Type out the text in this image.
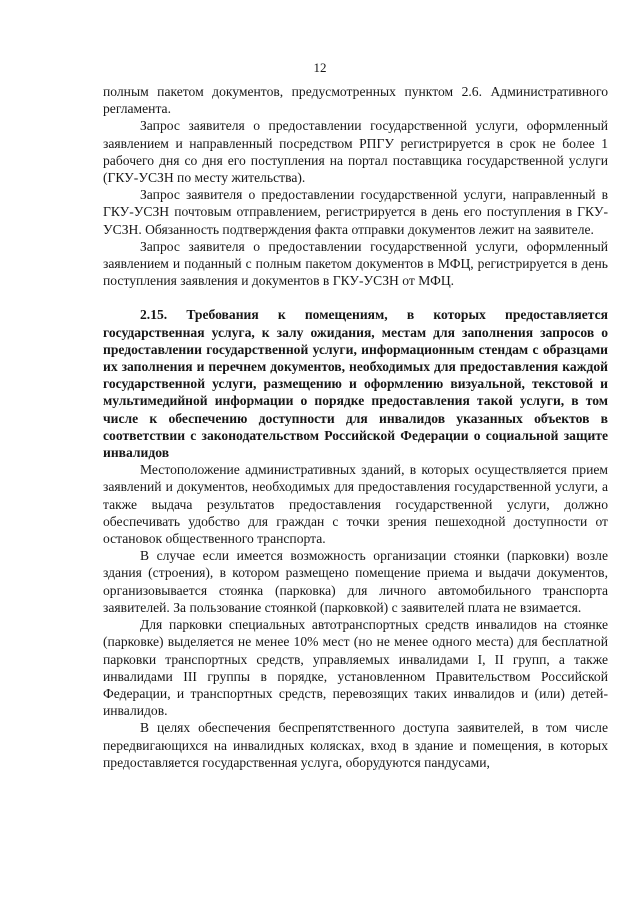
12

полным пакетом документов, предусмотренных пунктом 2.6. Административного регламента.

Запрос заявителя о предоставлении государственной услуги, оформленный заявлением и направленный посредством РПГУ регистрируется в срок не более 1 рабочего дня со дня его поступления на портал поставщика государственной услуги (ГКУ-УСЗН по месту жительства).

Запрос заявителя о предоставлении государственной услуги, направленный в ГКУ-УСЗН почтовым отправлением, регистрируется в день его поступления в ГКУ-УСЗН. Обязанность подтверждения факта отправки документов лежит на заявителе.

Запрос заявителя о предоставлении государственной услуги, оформленный заявлением и поданный с полным пакетом документов в МФЦ, регистрируется в день поступления заявления и документов в ГКУ-УСЗН от МФЦ.

2.15. Требования к помещениям, в которых предоставляется государственная услуга, к залу ожидания, местам для заполнения запросов о предоставлении государственной услуги, информационным стендам с образцами их заполнения и перечнем документов, необходимых для предоставления каждой государственной услуги, размещению и оформлению визуальной, текстовой и мультимедийной информации о порядке предоставления такой услуги, в том числе к обеспечению доступности для инвалидов указанных объектов в соответствии с законодательством Российской Федерации о социальной защите инвалидов

Местоположение административных зданий, в которых осуществляется прием заявлений и документов, необходимых для предоставления государственной услуги, а также выдача результатов предоставления государственной услуги, должно обеспечивать удобство для граждан с точки зрения пешеходной доступности от остановок общественного транспорта.

В случае если имеется возможность организации стоянки (парковки) возле здания (строения), в котором размещено помещение приема и выдачи документов, организовывается стоянка (парковка) для личного автомобильного транспорта заявителей. За пользование стоянкой (парковкой) с заявителей плата не взимается.

Для парковки специальных автотранспортных средств инвалидов на стоянке (парковке) выделяется не менее 10% мест (но не менее одного места) для бесплатной парковки транспортных средств, управляемых инвалидами I, II групп, а также инвалидами III группы в порядке, установленном Правительством Российской Федерации, и транспортных средств, перевозящих таких инвалидов и (или) детей-инвалидов.

В целях обеспечения беспрепятственного доступа заявителей, в том числе передвигающихся на инвалидных колясках, вход в здание и помещения, в которых предоставляется государственная услуга, оборудуются пандусами,
